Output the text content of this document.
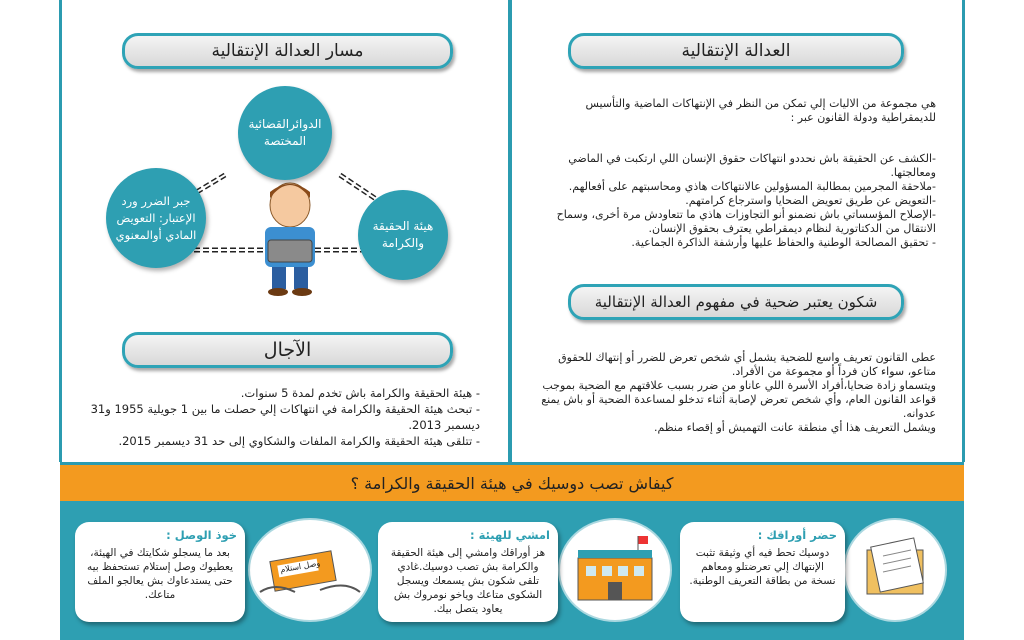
العدالة الإنتقالية
هي مجموعة من الاليات إلي تمكن من النظر في الإنتهاكات الماضية والتأسيس للديمقراطية ودولة القانون عبر :
-الكشف عن الحقيقة باش نحددو انتهاكات حقوق الإنسان اللي ارتكبت في الماضي ومعالجتها.
-ملاحقة المجرمين بمطالبة المسؤولين عالانتهاكات هاذي ومحاسبتهم على أفعالهم.
-التعويض عن طريق تعويض الضحايا واسترجاع كرامتهم.
-الإصلاح المؤسساتي باش نضمنو أنو التجاوزات هاذي ما تتعاودش مرة أخرى، وسماح الانتقال من الدكتاتورية لنظام ديمقراطي يعترف بحقوق الإنسان.
- تحقيق المصالحة الوطنية والحفاظ عليها وأرشفة الذاكرة الجماعية.
شكون يعتبر ضحية في مفهوم العدالة الإنتقالية
عطى القانون تعريف واسع للضحية يشمل أي شخص تعرض للضرر أو إنتهاك للحقوق متاعو، سواء كان فرداً أو مجموعة من الأفراد.
ويتسماو زادة ضحايا،أفراد الأسرة اللي عاناو من ضرر بسبب علاقتهم مع الضحية بموجب قواعد القانون العام، وأي شخص تعرض لإصابة أثناء تدخلو لمساعدة الضحية أو باش يمنع عدوانه.
ويشمل التعريف هذا أي منطقة عانت التهميش أو إقصاء منظم.
مسار العدالة الإنتقالية
الدوائرالقضائية المختصة
جبر الضرر ورد الإعتبار: التعويض المادي أوالمعنوي
هيئة الحقيقة والكرامة
الآجال
- هيئة الحقيقة والكرامة باش تخدم لمدة 5 سنوات.
- تبحث هيئة الحقيقة والكرامة في انتهاكات إلي حصلت ما بين 1 جويلية 1955 و31 ديسمبر 2013.
- تتلقى هيئة الحقيقة والكرامة الملفات والشكاوي إلى حد 31 ديسمبر 2015.
كيفاش تصب دوسيك في هيئة الحقيقة والكرامة ؟
حضر أوراقك :
دوسيك تحط فيه أي وثيقة تثبت الإنتهاك إلي تعرضتلو ومعاهم نسخة من بطاقة التعريف الوطنية.
امشي للهيئة :
هز أوراقك وامشي إلى هيئة الحقيقة والكرامة بش تصب دوسيك.غادي تلقى شكون بش يسمعك ويسجل الشكوى متاعك وياخو نومروك بش يعاود يتصل بيك.
وصل استلام
خوذ الوصل :
بعد ما يسجلو شكايتك في الهيئة، يعطيوك وصل إستلام تستحفظ بيه حتى يستدعاوك بش يعالجو الملف متاعك.
